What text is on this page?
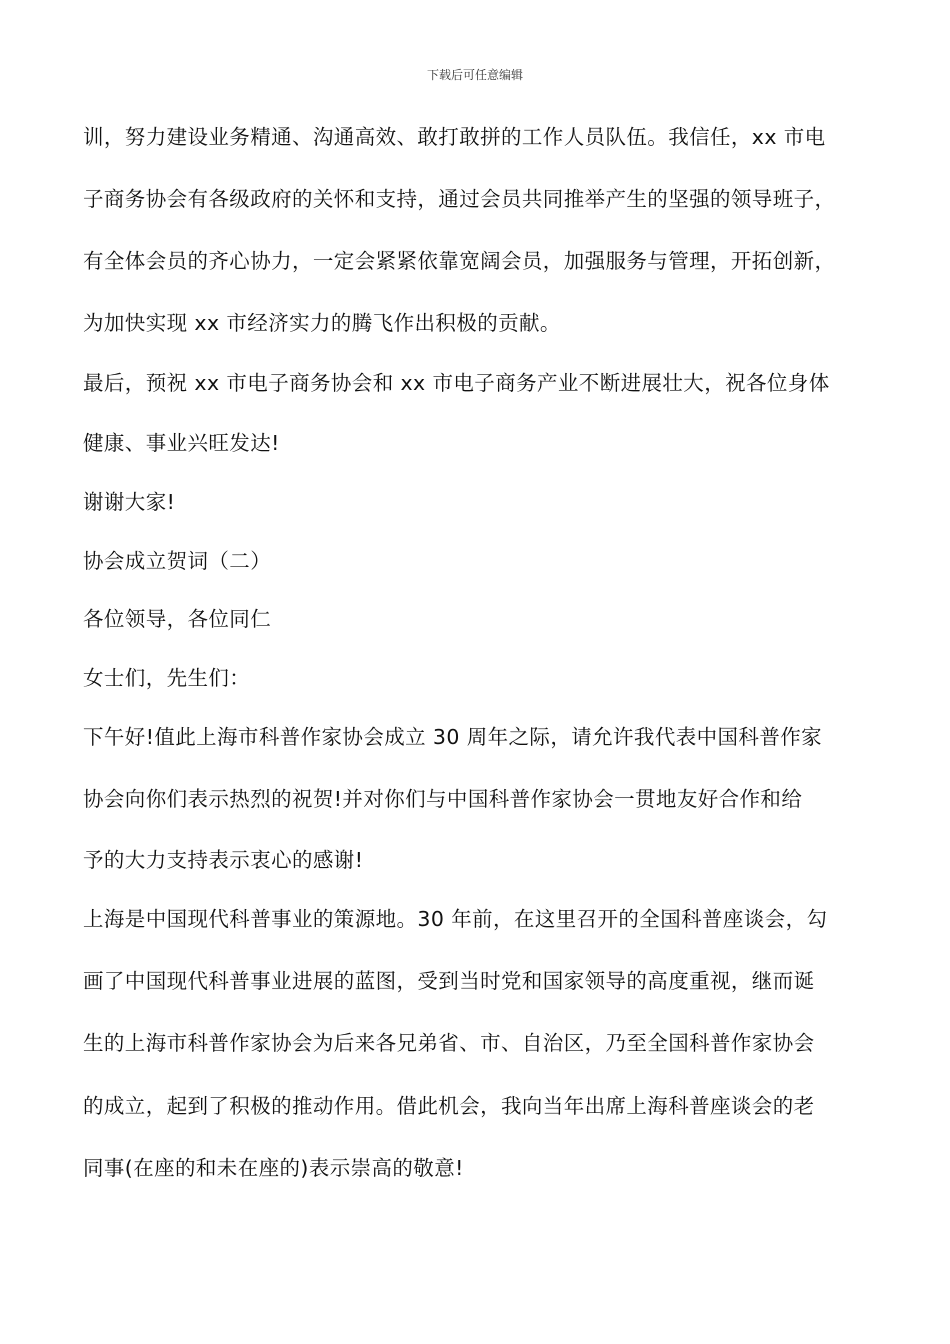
下载后可任意编辑
训，努力建设业务精通、沟通高效、敢打敢拼的工作人员队伍。我信任，xx 市电
子商务协会有各级政府的关怀和支持，通过会员共同推举产生的坚强的领导班子，
有全体会员的齐心协力，一定会紧紧依靠宽阔会员，加强服务与管理，开拓创新，
为加快实现 xx 市经济实力的腾飞作出积极的贡献。
最后，预祝 xx 市电子商务协会和 xx 市电子商务产业不断进展壮大，祝各位身体
健康、事业兴旺发达!
谢谢大家!
协会成立贺词（二）
各位领导，各位同仁
女士们，先生们：
下午好!值此上海市科普作家协会成立 30 周年之际，请允许我代表中国科普作家
协会向你们表示热烈的祝贺!并对你们与中国科普作家协会一贯地友好合作和给
予的大力支持表示衷心的感谢!
上海是中国现代科普事业的策源地。30 年前，在这里召开的全国科普座谈会，勾
画了中国现代科普事业进展的蓝图，受到当时党和国家领导的高度重视，继而诞
生的上海市科普作家协会为后来各兄弟省、市、自治区，乃至全国科普作家协会
的成立，起到了积极的推动作用。借此机会，我向当年出席上海科普座谈会的老
同事(在座的和未在座的)表示崇高的敬意!
